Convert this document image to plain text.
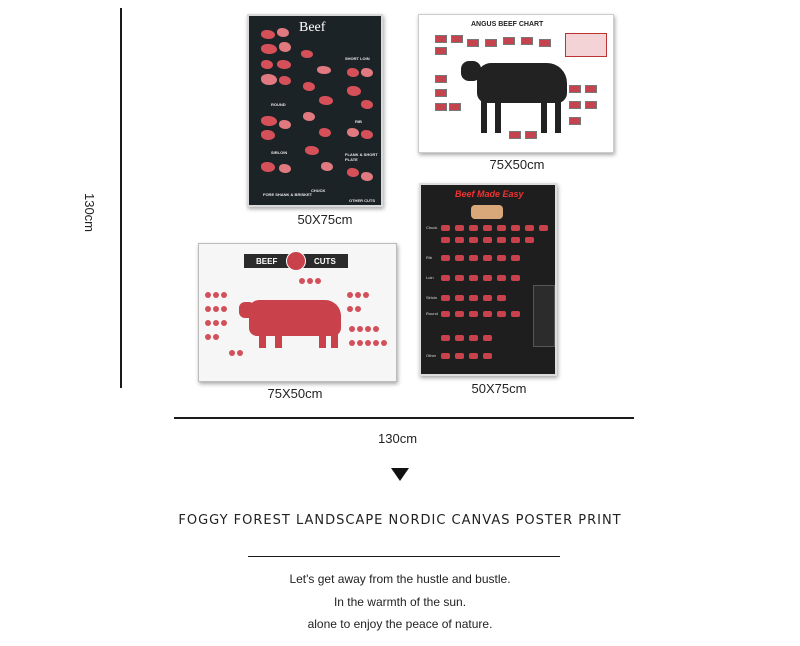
130cm
130cm
Beef
ROUND
SIRLOIN
FORE SHANK & BRISKET
CHUCK
SHORT LOIN
RIB
FLANK & SHORT PLATE
OTHER CUTS
50X75cm
ANGUS BEEF CHART
75X50cm
BEEF	CUTS
75X50cm
Beef Made Easy
Chuck
Rib
Loin
Sirloin
Round
Other
50X75cm
FOGGY FOREST LANDSCAPE NORDIC CANVAS POSTER PRINT
Let's get away from the hustle and bustle.
In the warmth of the sun.
alone to enjoy the peace of nature.
